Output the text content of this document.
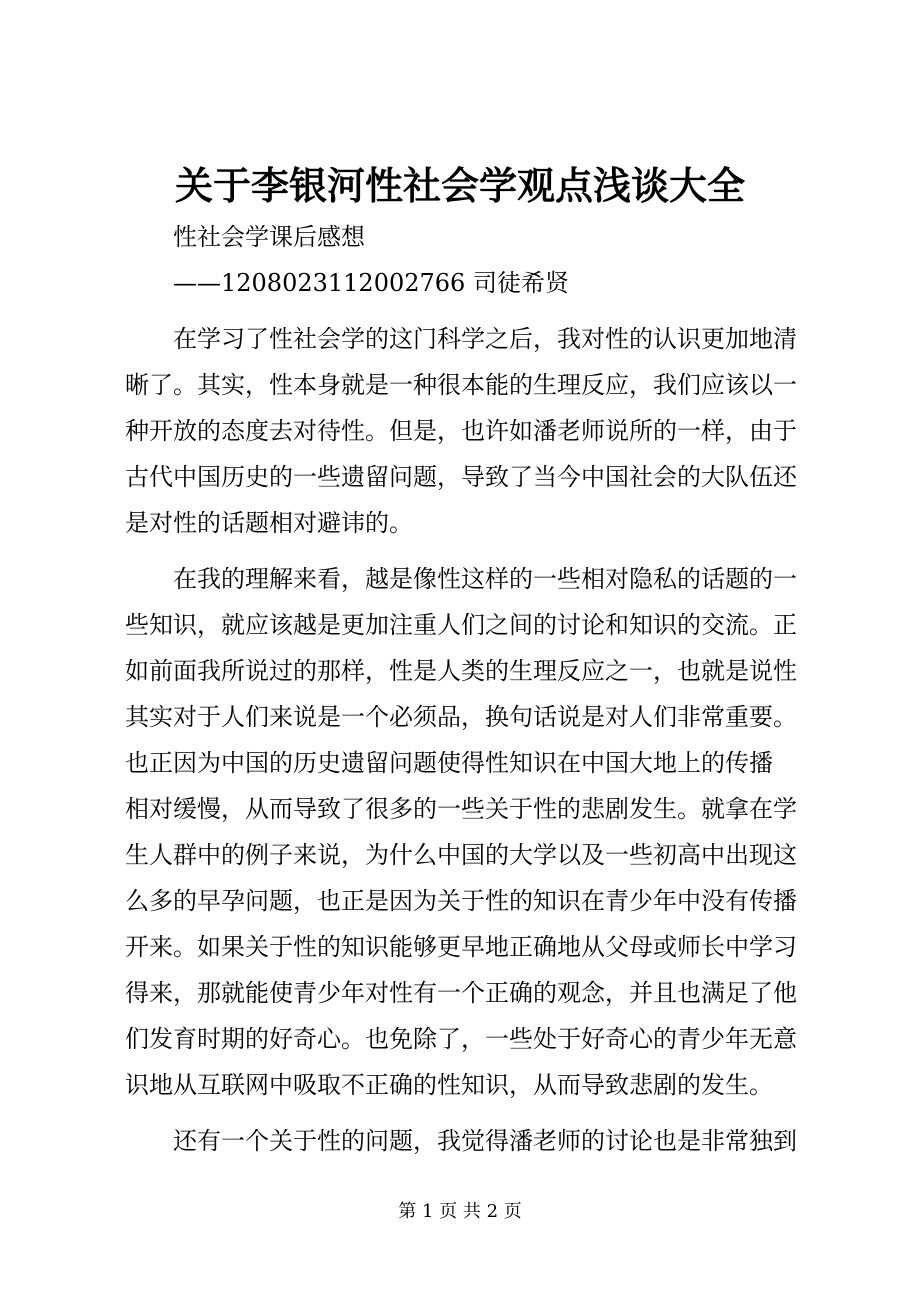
关于李银河性社会学观点浅谈大全
性社会学课后感想
——1208023112002766 司徒希贤
在学习了性社会学的这门科学之后，我对性的认识更加地清
晰了。其实，性本身就是一种很本能的生理反应，我们应该以一
种开放的态度去对待性。但是，也许如潘老师说所的一样，由于
古代中国历史的一些遗留问题，导致了当今中国社会的大队伍还
是对性的话题相对避讳的。
在我的理解来看，越是像性这样的一些相对隐私的话题的一
些知识，就应该越是更加注重人们之间的讨论和知识的交流。正
如前面我所说过的那样，性是人类的生理反应之一，也就是说性
其实对于人们来说是一个必须品，换句话说是对人们非常重要。
也正因为中国的历史遗留问题使得性知识在中国大地上的传播
相对缓慢，从而导致了很多的一些关于性的悲剧发生。就拿在学
生人群中的例子来说，为什么中国的大学以及一些初高中出现这
么多的早孕问题，也正是因为关于性的知识在青少年中没有传播
开来。如果关于性的知识能够更早地正确地从父母或师长中学习
得来，那就能使青少年对性有一个正确的观念，并且也满足了他
们发育时期的好奇心。也免除了，一些处于好奇心的青少年无意
识地从互联网中吸取不正确的性知识，从而导致悲剧的发生。
还有一个关于性的问题，我觉得潘老师的讨论也是非常独到
第 1 页 共 2 页
